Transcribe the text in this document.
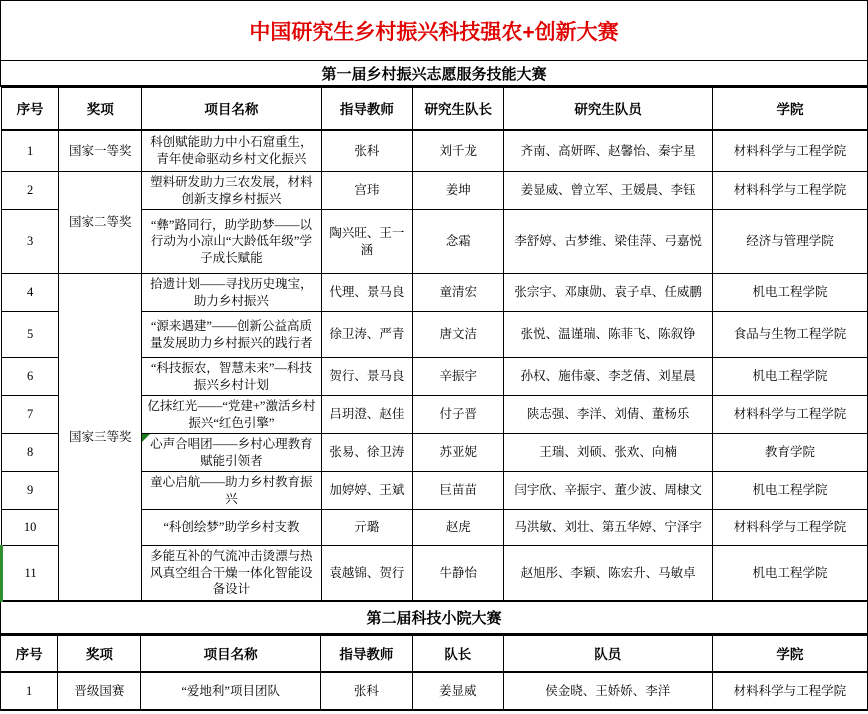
中国研究生乡村振兴科技强农+创新大赛
第一届乡村振兴志愿服务技能大赛
序号	奖项	项目名称	指导教师	研究生队长	研究生队员	学院
1	国家一等奖	科创赋能助力中小石窟重生，青年使命驱动乡村文化振兴	张科	刘千龙	齐南、高妍晖、赵馨怡、秦宇星	材料科学与工程学院
2	国家二等奖	塑料研发助力三农发展，材料创新支撑乡村振兴	宫玮	姜坤	姜显威、曾立军、王媛晨、李钰	材料科学与工程学院
3		“彝”路同行，助学助梦——以行动为小凉山“大龄低年级”学子成长赋能	陶兴旺、王一涵	念霜	李舒婷、古梦维、梁佳萍、弓嘉悦	经济与管理学院
4	国家三等奖	拾遗计划——寻找历史瑰宝，助力乡村振兴	代理、景马良	童清宏	张宗宇、邓康勋、袁子卓、任威鹏	机电工程学院
5		“源来遇建”——创新公益高质量发展助力乡村振兴的践行者	徐卫涛、严青	唐文洁	张悦、温谨瑞、陈菲飞、陈叙铮	食品与生物工程学院
6		“科技振农，智慧未来”—科技振兴乡村计划	贺行、景马良	辛振宇	孙权、施伟豪、李芝倩、刘星晨	机电工程学院
7		亿抹红光——“党建+”激活乡村振兴“红色引擎”	吕玥澄、赵佳	付子晋	陕志强、李洋、刘倩、董杨乐	材料科学与工程学院
8		心声合唱团——乡村心理教育赋能引领者	张易、徐卫涛	苏亚妮	王瑞、刘硕、张欢、向楠	教育学院
9		童心启航——助力乡村教育振兴	加婷婷、王斌	巨苗苗	闫宇欣、辛振宇、董少波、周棣文	机电工程学院
10		“科创绘梦”助学乡村支教	亓璐	赵虎	马洪敏、刘壮、第五华婷、宁泽宇	材料科学与工程学院
11		多能互补的气流冲击烫漂与热风真空组合干燥一体化智能设备设计	袁越锦、贺行	牛静怡	赵旭彤、李颖、陈宏升、马敏卓	机电工程学院
第二届科技小院大赛
序号	奖项	项目名称	指导教师	队长	队员	学院
1	晋级国赛	“爱地利”项目团队	张科	姜显威	侯金晓、王娇娇、李洋	材料科学与工程学院
